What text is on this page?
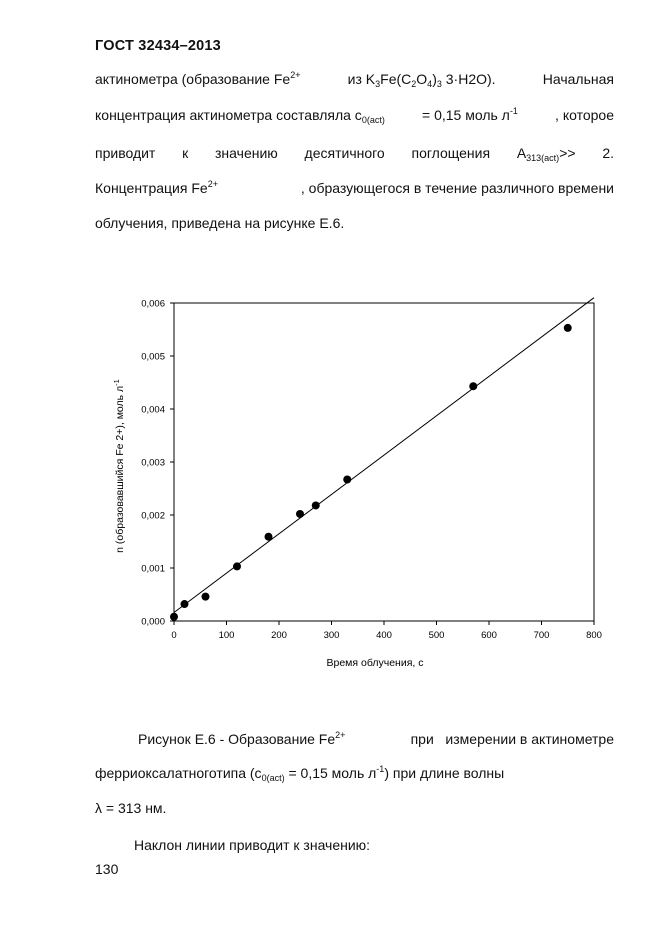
ГОСТ 32434–2013
актинометра (образование $Fe^{2+}$	из $K_3Fe(C_2O_4)_3$ 3·H2O).	Начальная
концентрация актинометра составляла $c_{0(act)}$	= 0,15 моль $л^{-1}$	, которое
приводит к значению десятичного поглощения $A_{313(act)}>> 2$.
Концентрация $Fe^{2+}$	, образующегося в течение различного времени
облучения, приведена на рисунке Е.6.
0	100	200	300	400	500	600	700	800
0,000
0,001
0,002
0,003
0,004
0,005
0,006
Время облучения, с
n (образовавшийся Fe 2+), моль $л^{-1}$
Рисунок Е.6 - Образование $Fe^{2+}$	при   измерении в актинометре
ферриоксалатноготипа ($c_{0(act)} = 0,15$ моль $л^{-1}$) при длине волны
λ = 313 нм.
Наклон линии приводит к значению:
130
